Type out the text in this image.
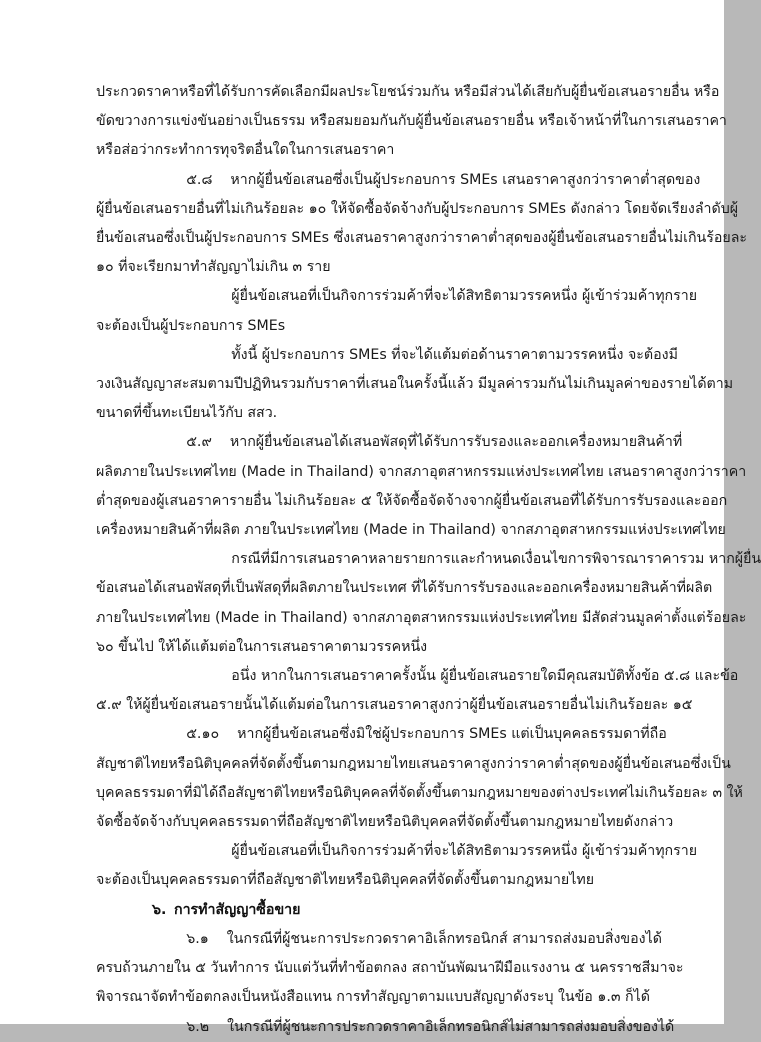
ประกวดราคาหรือที่ได้รับการคัดเลือกมีผลประโยชน์ร่วมกัน หรือมีส่วนได้เสียกับผู้ยื่นข้อเสนอรายอื่น หรือ

ขัดขวางการแข่งขันอย่างเป็นธรรม หรือสมยอมกันกับผู้ยื่นข้อเสนอรายอื่น หรือเจ้าหน้าที่ในการเสนอราคา

หรือส่อว่ากระทำการทุจริตอื่นใดในการเสนอราคา

๕.๘    หากผู้ยื่นข้อเสนอซึ่งเป็นผู้ประกอบการ SMEs เสนอราคาสูงกว่าราคาต่ำสุดของ

ผู้ยื่นข้อเสนอรายอื่นที่ไม่เกินร้อยละ ๑๐ ให้จัดซื้อจัดจ้างกับผู้ประกอบการ SMEs ดังกล่าว โดยจัดเรียงลำดับผู้

ยื่นข้อเสนอซึ่งเป็นผู้ประกอบการ SMEs ซึ่งเสนอราคาสูงกว่าราคาต่ำสุดของผู้ยื่นข้อเสนอรายอื่นไม่เกินร้อยละ

๑๐ ที่จะเรียกมาทำสัญญาไม่เกิน ๓ ราย

ผู้ยื่นข้อเสนอที่เป็นกิจการร่วมค้าที่จะได้สิทธิตามวรรคหนึ่ง ผู้เข้าร่วมค้าทุกราย

จะต้องเป็นผู้ประกอบการ SMEs

ทั้งนี้ ผู้ประกอบการ SMEs ที่จะได้แต้มต่อด้านราคาตามวรรคหนึ่ง จะต้องมี

วงเงินสัญญาสะสมตามปีปฏิทินรวมกับราคาที่เสนอในครั้งนี้แล้ว มีมูลค่ารวมกันไม่เกินมูลค่าของรายได้ตาม

ขนาดที่ขึ้นทะเบียนไว้กับ สสว.

๕.๙    หากผู้ยื่นข้อเสนอได้เสนอพัสดุที่ได้รับการรับรองและออกเครื่องหมายสินค้าที่

ผลิตภายในประเทศไทย (Made in Thailand) จากสภาอุตสาหกรรมแห่งประเทศไทย เสนอราคาสูงกว่าราคา

ต่ำสุดของผู้เสนอราคารายอื่น ไม่เกินร้อยละ ๕ ให้จัดซื้อจัดจ้างจากผู้ยื่นข้อเสนอที่ได้รับการรับรองและออก

เครื่องหมายสินค้าที่ผลิต ภายในประเทศไทย (Made in Thailand) จากสภาอุตสาหกรรมแห่งประเทศไทย

กรณีที่มีการเสนอราคาหลายรายการและกำหนดเงื่อนไขการพิจารณาราคารวม หากผู้ยื่น

ข้อเสนอได้เสนอพัสดุที่เป็นพัสดุที่ผลิตภายในประเทศ ที่ได้รับการรับรองและออกเครื่องหมายสินค้าที่ผลิต

ภายในประเทศไทย (Made in Thailand) จากสภาอุตสาหกรรมแห่งประเทศไทย มีสัดส่วนมูลค่าตั้งแต่ร้อยละ

๖๐ ขึ้นไป ให้ได้แต้มต่อในการเสนอราคาตามวรรคหนึ่ง

อนึ่ง หากในการเสนอราคาครั้งนั้น ผู้ยื่นข้อเสนอรายใดมีคุณสมบัติทั้งข้อ ๕.๘ และข้อ

๕.๙ ให้ผู้ยื่นข้อเสนอรายนั้นได้แต้มต่อในการเสนอราคาสูงกว่าผู้ยื่นข้อเสนอรายอื่นไม่เกินร้อยละ ๑๕

๕.๑๐    หากผู้ยื่นข้อเสนอซึ่งมิใช่ผู้ประกอบการ SMEs แต่เป็นบุคคลธรรมดาที่ถือ

สัญชาติไทยหรือนิติบุคคลที่จัดตั้งขึ้นตามกฎหมายไทยเสนอราคาสูงกว่าราคาต่ำสุดของผู้ยื่นข้อเสนอซึ่งเป็น

บุคคลธรรมดาที่มิได้ถือสัญชาติไทยหรือนิติบุคคลที่จัดตั้งขึ้นตามกฎหมายของต่างประเทศไม่เกินร้อยละ ๓ ให้

จัดซื้อจัดจ้างกับบุคคลธรรมดาที่ถือสัญชาติไทยหรือนิติบุคคลที่จัดตั้งขึ้นตามกฎหมายไทยดังกล่าว

ผู้ยื่นข้อเสนอที่เป็นกิจการร่วมค้าที่จะได้สิทธิตามวรรคหนึ่ง ผู้เข้าร่วมค้าทุกราย

จะต้องเป็นบุคคลธรรมดาที่ถือสัญชาติไทยหรือนิติบุคคลที่จัดตั้งขึ้นตามกฎหมายไทย

๖. การทำสัญญาซื้อขาย

๖.๑    ในกรณีที่ผู้ชนะการประกวดราคาอิเล็กทรอนิกส์ สามารถส่งมอบสิ่งของได้

ครบถ้วนภายใน ๕ วันทำการ นับแต่วันที่ทำข้อตกลง สถาบันพัฒนาฝีมือแรงงาน ๕ นครราชสีมาจะ

พิจารณาจัดทำข้อตกลงเป็นหนังสือแทน การทำสัญญาตามแบบสัญญาดังระบุ ในข้อ ๑.๓ ก็ได้

๖.๒    ในกรณีที่ผู้ชนะการประกวดราคาอิเล็กทรอนิกส์ไม่สามารถส่งมอบสิ่งของได้
